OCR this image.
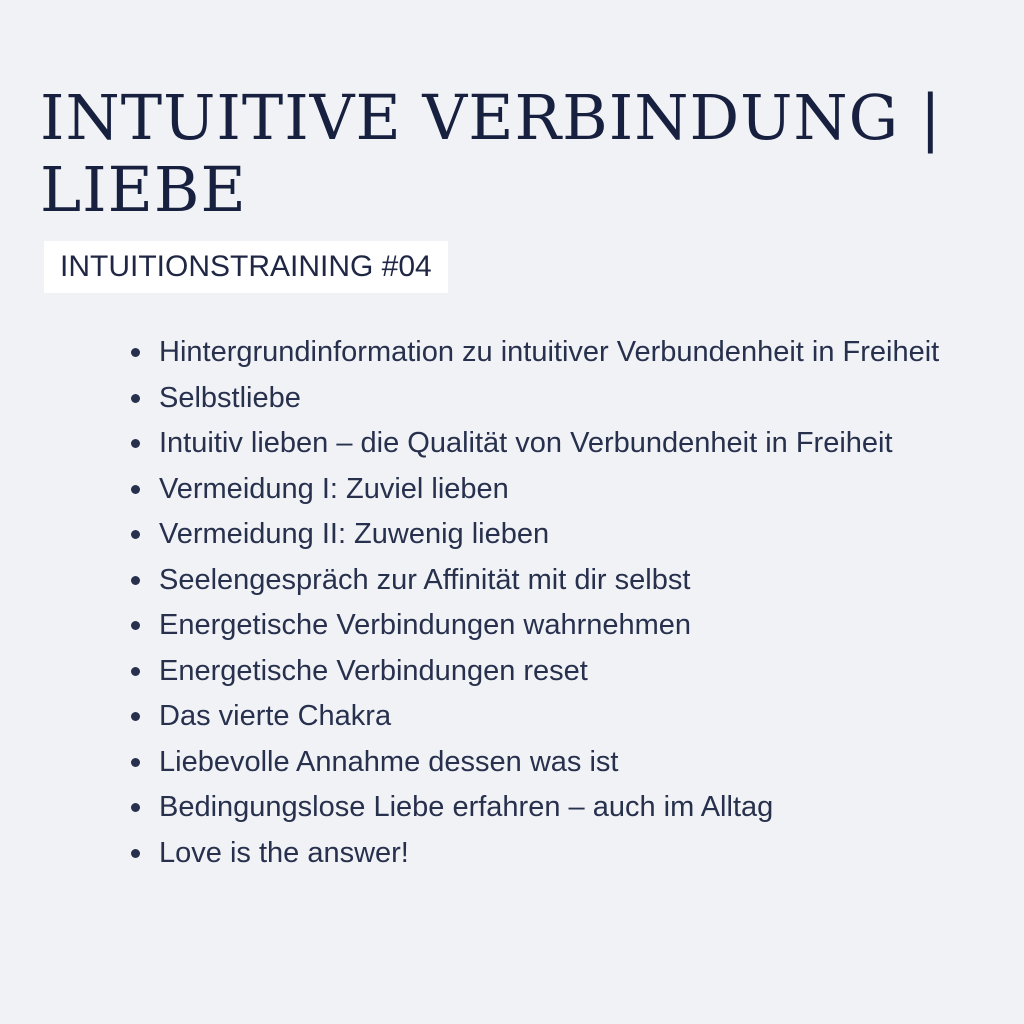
INTUITIVE VERBINDUNG | LIEBE
INTUITIONSTRAINING #04
Hintergrundinformation zu intuitiver Verbundenheit in Freiheit
Selbstliebe
Intuitiv lieben – die Qualität von Verbundenheit in Freiheit
Vermeidung I: Zuviel lieben
Vermeidung II: Zuwenig lieben
Seelengespräch zur Affinität mit dir selbst
Energetische Verbindungen wahrnehmen
Energetische Verbindungen reset
Das vierte Chakra
Liebevolle Annahme dessen was ist
Bedingungslose Liebe erfahren – auch im Alltag
Love is the answer!
